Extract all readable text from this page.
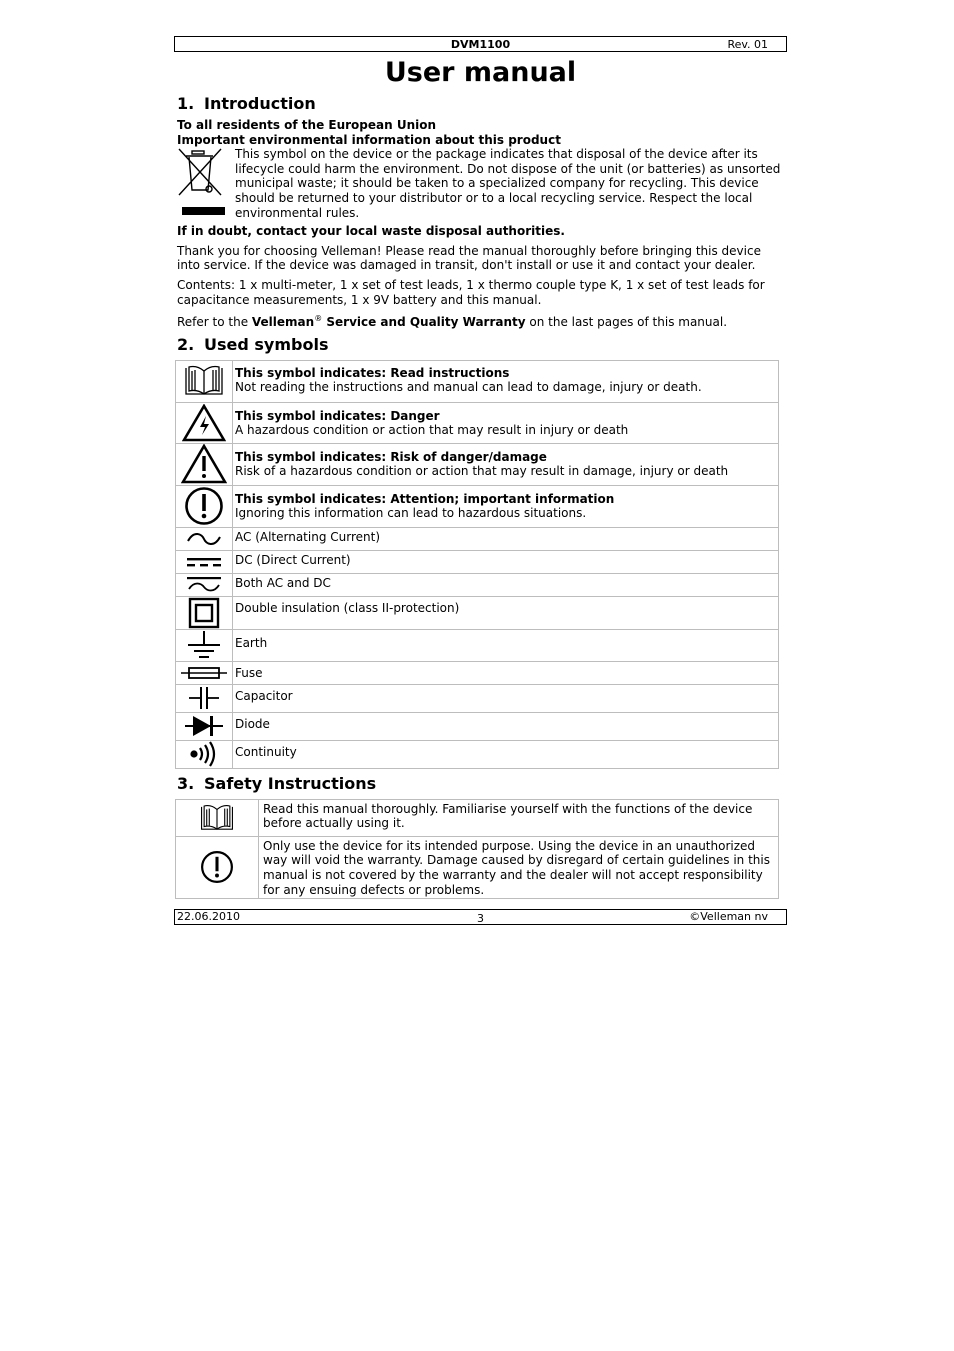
DVM1100	Rev. 01
User manual
1. Introduction

To all residents of the European Union

Important environmental information about this product

This symbol on the device or the package indicates that disposal of the device after its lifecycle could harm the environment. Do not dispose of the unit (or batteries) as unsorted municipal waste; it should be taken to a specialized company for recycling. This device should be returned to your distributor or to a local recycling service. Respect the local environmental rules.

If in doubt, contact your local waste disposal authorities.

Thank you for choosing Velleman! Please read the manual thoroughly before bringing this device into service. If the device was damaged in transit, don't install or use it and contact your dealer.

Contents: 1 x multi-meter, 1 x set of test leads, 1 x thermo couple type K, 1 x set of test leads for capacitance measurements, 1 x 9V battery and this manual.

Refer to the Velleman® Service and Quality Warranty on the last pages of this manual.

2. Used symbols

This symbol indicates: Read instructions
Not reading the instructions and manual can lead to damage, injury or death.

This symbol indicates: Danger
A hazardous condition or action that may result in injury or death

This symbol indicates: Risk of danger/damage
Risk of a hazardous condition or action that may result in damage, injury or death

This symbol indicates: Attention; important information
Ignoring this information can lead to hazardous situations.

	AC (Alternating Current)

	DC (Direct Current)

	Both AC and DC

	Double insulation (class II-protection)

	Earth

	Fuse

	Capacitor

	Diode

	Continuity
3. Safety Instructions
	Read this manual thoroughly. Familiarise yourself with the functions of the device before actually using it.

	Only use the device for its intended purpose. Using the device in an unauthorized way will void the warranty. Damage caused by disregard of certain guidelines in this manual is not covered by the warranty and the dealer will not accept responsibility for any ensuing defects or problems.
22.06.2010	3	©Velleman nv
